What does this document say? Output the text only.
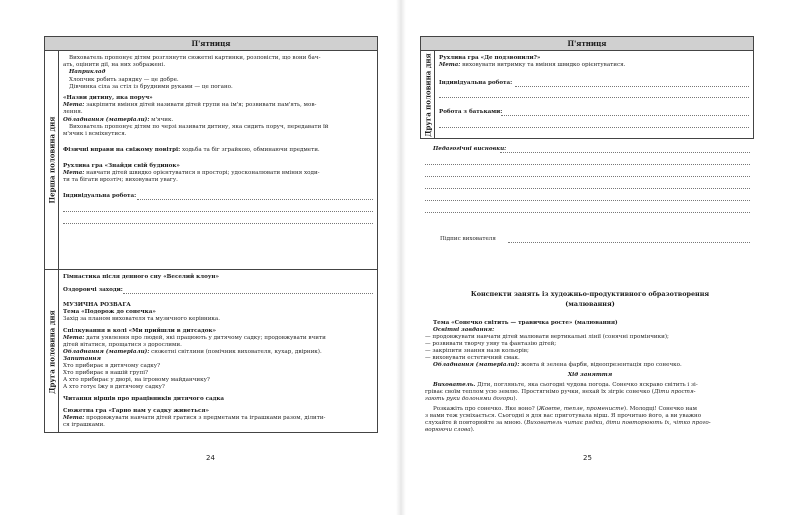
П'ятниця
Перша половина дня
Вихователь пропонує дітям розглянути сюжетні картинки, розповісти, що вони бач-
ать, оцінити дії, на них зображені.
Наприклад
Хлопчик робить зарядку — це добре.
Дівчинка сіла за стіл із брудними руками — це погано.
«Назви дитину, яка поруч»
Мета: закріпити вміння дітей називати дітей групи на ім'я; розвивати пам'ять, мов-
лення.
Обладнання (матеріали): м'ячик.
Вихователь пропонує дітям по черзі називати дитину, яка сидить поруч, передавати їй
м'ячик і всміхнутися.
Фізичні вправи на свіжому повітрі: ходьба та біг зграйкою, обминаючи предмети.
Рухлива гра «Знайди свій будинок»
Мета: навчати дітей швидко орієнтуватися в просторі; удосконалювати вміння ходи-
ти та бігати врозтіч; виховувати увагу.
Індивідуальна робота:
Друга половина дня
Гімнастика після денного сну «Веселий клоун»
Оздоровчі заходи:
МУЗИЧНА РОЗВАГА
Тема «Подорож до сонечка»
Захід за планом вихователя та музичного керівника.
Спілкування в колі «Ми прийшли в дитсадок»
Мета: дати уявлення про людей, які працюють у дитячому садку; продовжувати вчити
дітей вітатися, прощатися з дорослими.
Обладнання (матеріали): сюжетні світлини (помічник вихователя, кухар, двірник).
Запитання
Хто прибирає в дитячому садку?
Хто прибирає в нашій групі?
А хто прибирає у дворі, на ігровому майданчику?
А хто готує їжу в дитячому садку?
Читання віршів про працівників дитячого садка
Сюжетна гра «Гарно нам у садку живеться»
Мета: продовжувати навчати дітей гратися з предметами та іграшками разом, ділити-
ся іграшками.
24
П'ятниця
Друга половина дня Рухлива гра «Де подзвонили?»
Мета: виховувати витримку та вміння швидко орієнтуватися.
Індивідуальна робота:
Робота з батьками:
Педагогічні висновки:
Підпис вихователя
Конспекти занять із художньо-продуктивного образотворення
(малювання)
Тема «Сонечко світить — травичка росте» (малювання)
Освітні завдання:
— продовжувати навчати дітей малювати вертикальні лінії (сонячні промінчики);
— розвивати творчу уяву та фантазію дітей;
— закріпити знання назв кольорів;
— виховувати естетичний смак.
Обладнання (матеріали): жовта й зелена фарби, відеопрезентація про сонечко.
Хід заняття
Вихователь. Діти, погляньте, яка сьогодні чудова погода. Сонечко яскраво світить і зі-
гріває своїм теплом усю землю. Простягнімо ручки, нехай їх зігріє сонечко (Діти простя-
гають руки долонями догори).
Розкажіть про сонечко. Яке воно? (Жовте, тепле, променисте). Молодці! Сонечко нам
з вами теж усміхається. Сьогодні я для вас приготувала вірш. Я прочитаю його, а ви уважно
слухайте й повторюйте за мною. (Вихователь читає рядки, діти повторюють їх, чітко прого-
ворюючи слова).
25
